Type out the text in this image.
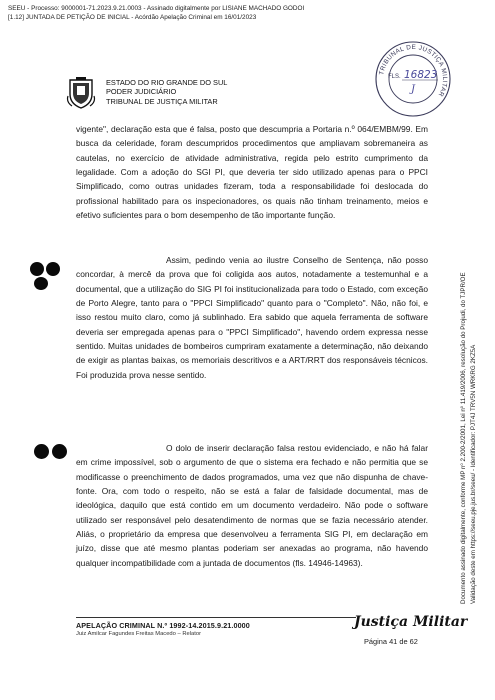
SEEU - Processo: 9000001-71.2023.9.21.0003 - Assinado digitalmente por LISIANE MACHADO GODOI
[1.12] JUNTADA DE PETIÇÃO DE INICIAL - Acórdão Apelação Criminal em 16/01/2023
ESTADO DO RIO GRANDE DO SUL
PODER JUDICIÁRIO
TRIBUNAL DE JUSTIÇA MILITAR
TRIBUNAL DE JUSTIÇA MILITAR
FLS. 16823
J
vigente", declaração esta que é falsa, posto que descumpria a Portaria n.º 064/EMBM/99. Em busca da celeridade, foram descumpridos procedimentos que ampliavam sobremaneira as cautelas, no exercício de atividade administrativa, regida pelo estrito cumprimento da legalidade. Com a adoção do SGI PI, que deveria ter sido utilizado apenas para o PPCI Simplificado, como outras unidades fizeram, toda a responsabilidade foi deslocada do profissional habilitado para os inspecionadores, os quais não tinham treinamento, meios e efetivo suficientes para o bom desempenho de tão importante função.
Assim, pedindo venia ao ilustre Conselho de Sentença, não posso concordar, à mercê da prova que foi coligida aos autos, notadamente a testemunhal e a documental, que a utilização do SIG PI foi institucionalizada para todo o Estado, com exceção de Porto Alegre, tanto para o "PPCI Simplificado" quanto para o "Completo". Não, não foi, e isso restou muito claro, como já sublinhado. Era sabido que aquela ferramenta de software deveria ser empregada apenas para o "PPCI Simplificado", havendo ordem expressa nesse sentido. Muitas unidades de bombeiros cumpriram exatamente a determinação, não deixando de exigir as plantas baixas, os memoriais descritivos e a ART/RRT dos responsáveis técnicos. Foi produzida prova nesse sentido.
O dolo de inserir declaração falsa restou evidenciado, e não há falar em crime impossível, sob o argumento de que o sistema era fechado e não permitia que se modificasse o preenchimento de dados programados, uma vez que não dispunha de chave-fonte. Ora, com todo o respeito, não se está a falar de falsidade documental, mas de ideológica, daquilo que está contido em um documento verdadeiro. Não pode o software utilizado ser responsável pelo desatendimento de normas que se fazia necessário atender. Aliás, o proprietário da empresa que desenvolveu a ferramenta SIG PI, em declaração em juízo, disse que até mesmo plantas poderiam ser anexadas ao programa, não havendo qualquer incompatibilidade com a juntada de documentos (fls. 14946-14963).	Documento assinado digitalmente, conforme MP nº 2.200-2/2001, Lei nº 11.419/2006, resolução do Projudi, do TJPR/OE Validação deste em https://seeu.pje.jus.br/seeu/ - Identificador: PJT4J TRV5N WRKRG 2KZ5A
APELAÇÃO CRIMINAL N.º 1992-14.2015.9.21.0000
Juiz Amilcar Fagundes Freitas Macedo – Relator
Justiça Militar
Página 41 de 62
